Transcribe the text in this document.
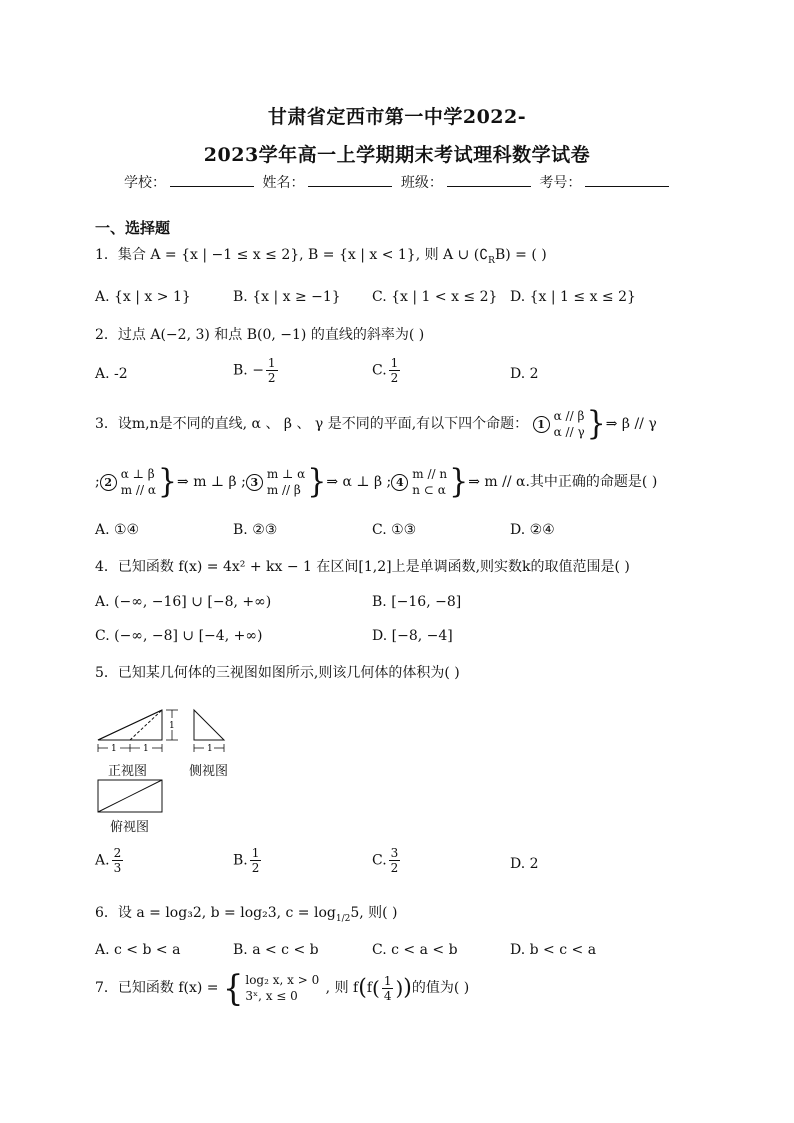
甘肃省定西市第一中学2022-
2023学年高一上学期期末考试理科数学试卷
学校：	姓名：	班级：	考号：
一、选择题
1．集合 A = {x | −1 ≤ x ≤ 2}, B = {x | x < 1}, 则 A ∪ $(∁_RB)$ = ( )
A. {x | x > 1}	B. {x | x ≥ −1} C. {x | 1 < x ≤ 2} D. {x | 1 ≤ x ≤ 2}
2．过点 A(−2, 3) 和点 B(0, −1) 的直线的斜率为( )
A. -2	B. − $\frac{1}{2}$	C. $\frac{1}{2}$	D. 2
3．设m,n是不同的直线, α 、 β 、 γ 是不同的平面,有以下四个命题： 1
α // β
α // γ }⇒ β // γ
; 2
α ⊥ β
m // α }⇒ m ⊥ β ; 3
m ⊥ α
m // β }⇒ α ⊥ β ; 4
m // n
n ⊂ α }⇒ m // α.其中正确的命题是( )
A. ①④	B. ②③	C. ①③	D. ②④
4．已知函数 f(x) = 4x² + kx − 1 在区间[1,2]上是单调函数,则实数k的取值范围是( )
A. (−∞, −16] ∪ [−8, +∞)	B. [−16, −8]
C. (−∞, −8] ∪ [−4, +∞)	D. [−8, −4]
5．已知某几何体的三视图如图所示,则该几何体的体积为( )
1	1
1
1
正视图	侧视图
俯视图
A. $\frac{2}{3}$	B. $\frac{1}{2}$	C. $\frac{3}{2}$	D. 2
6．设 a = log₃2, b = log₂3, $c = \log_{1/2}5$, 则( )
A. c < b < a	B. a < c < b	C. c < a < b	D. b < c < a
7．已知函数 f(x) = { log₂ x, x > 0
3ˣ, x ≤ 0	, 则 $f(f( \frac{1}{4}$ ))的值为( )
